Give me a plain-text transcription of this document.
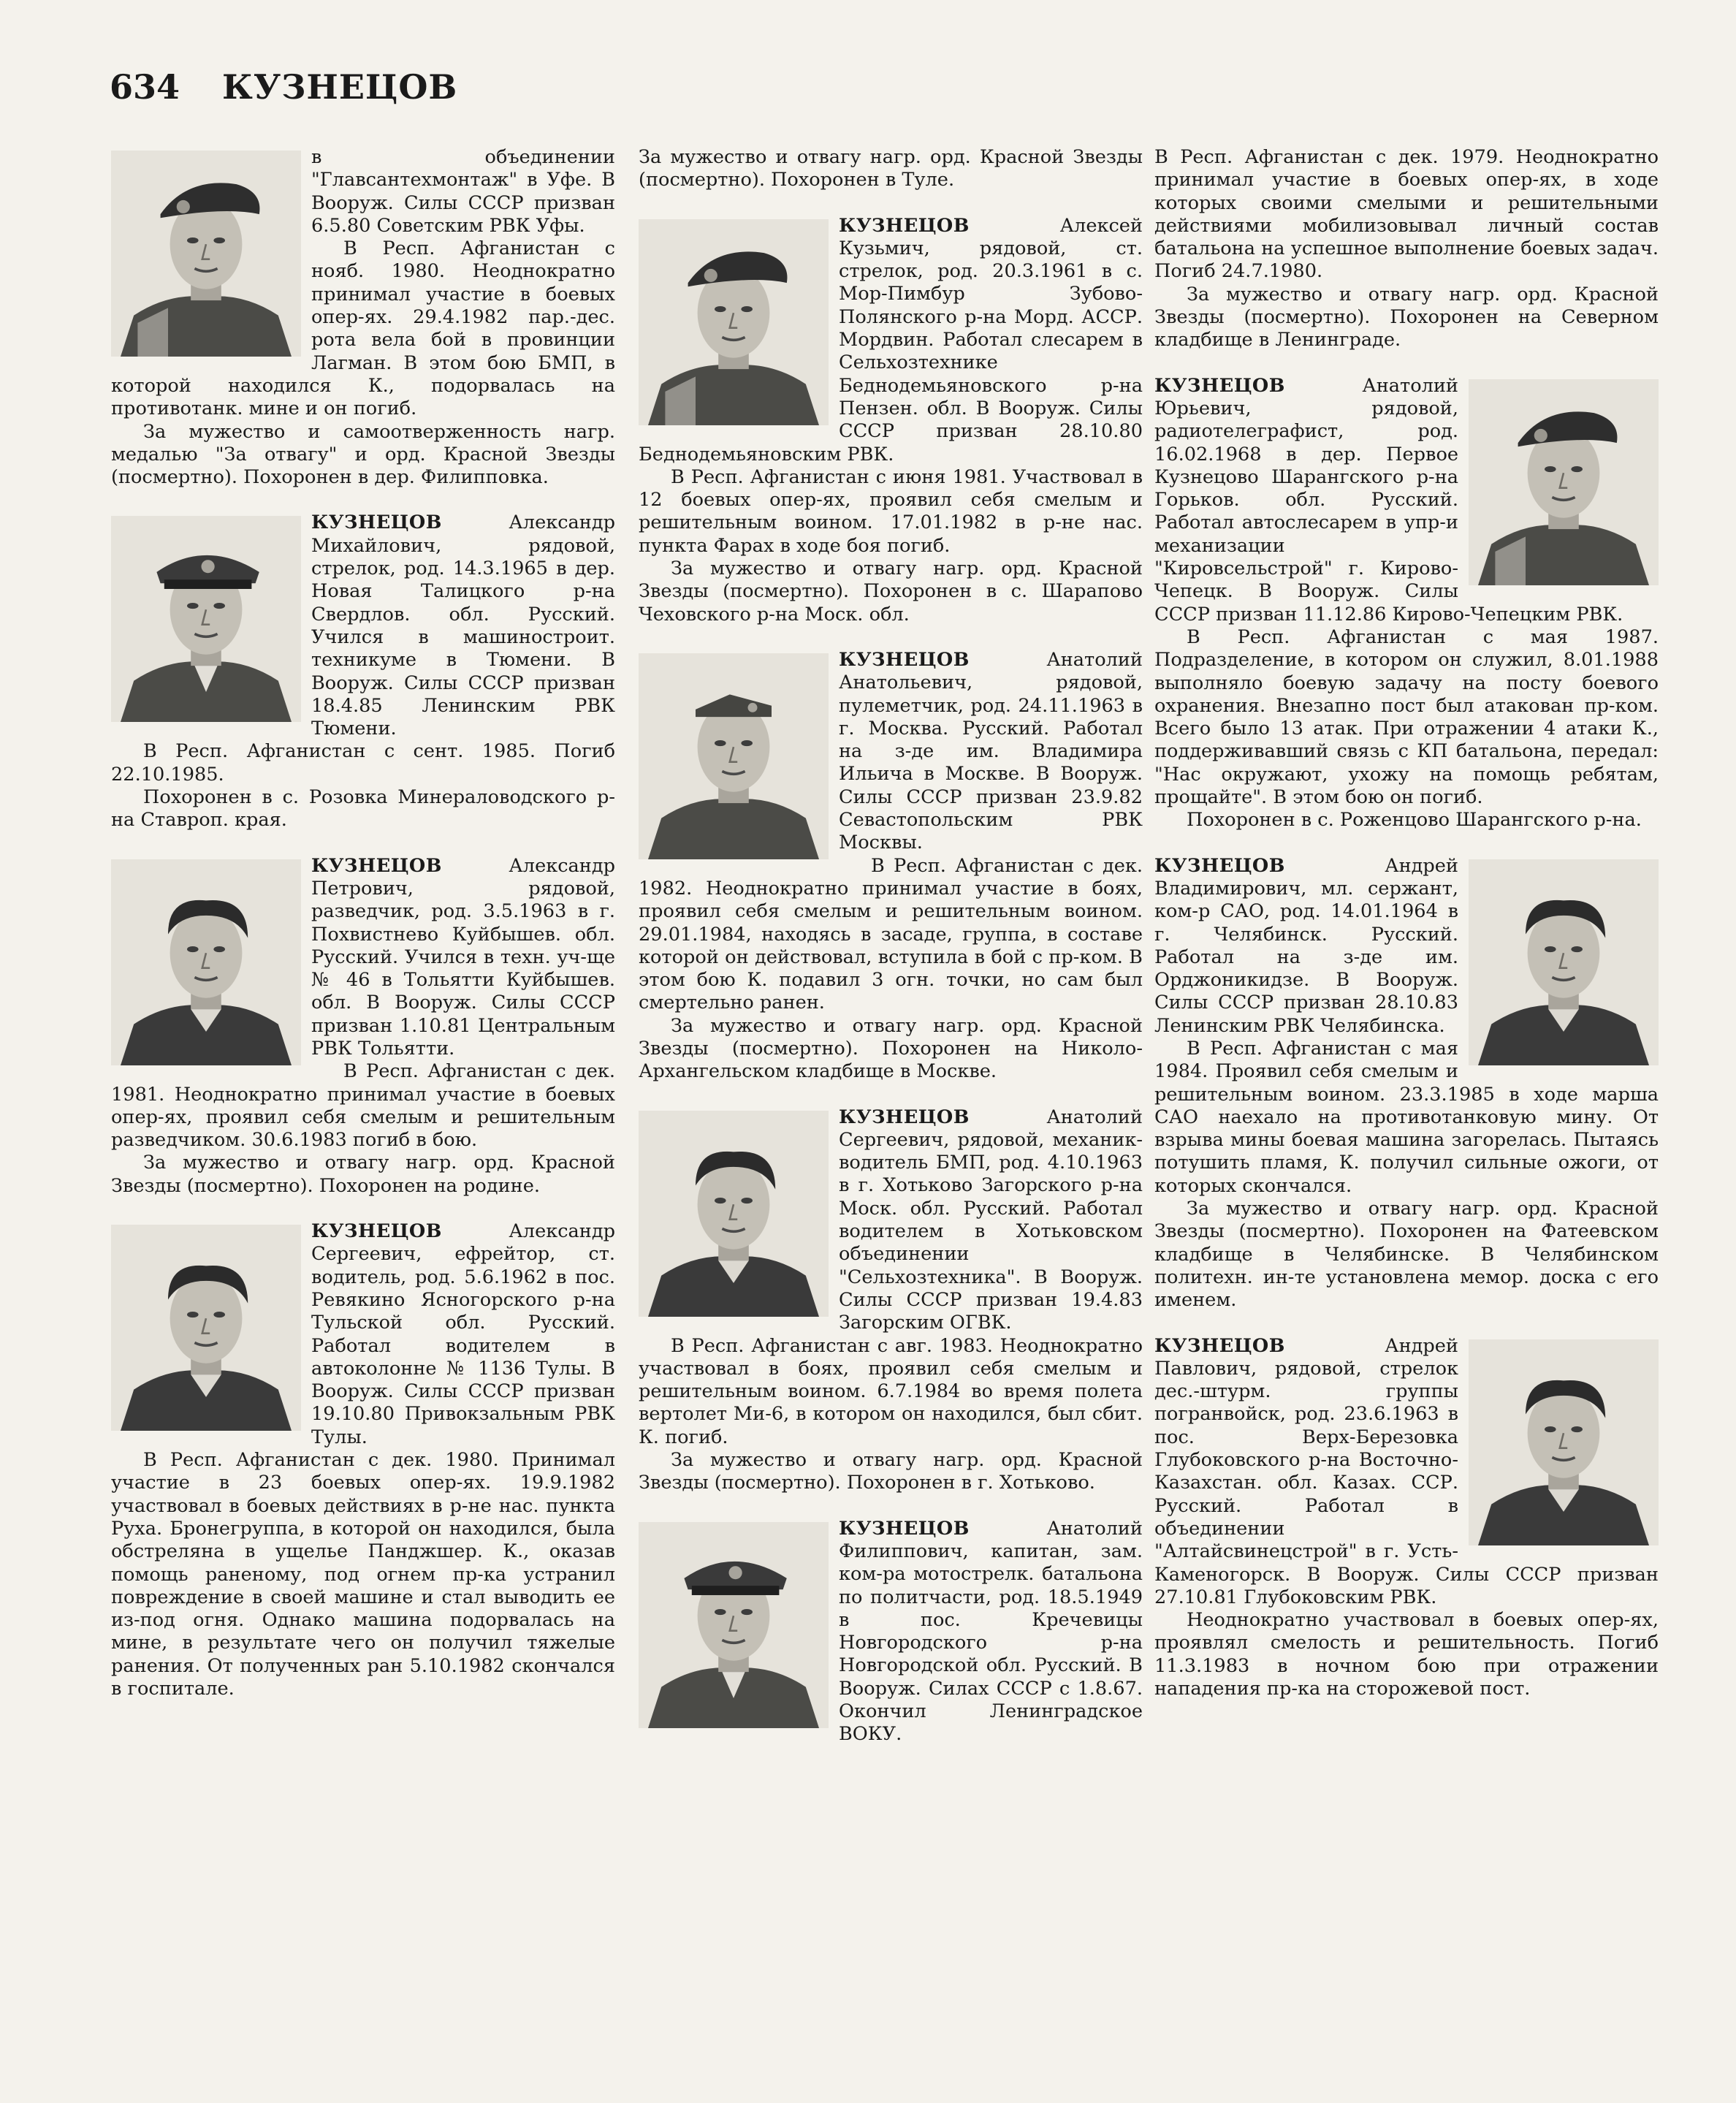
634 КУЗНЕЦОВ

в объединении "Главсантехмонтаж" в Уфе. В Вооруж. Силы СССР призван 6.5.80 Советским РВК Уфы.

В Респ. Афганистан с нояб. 1980. Неоднократно принимал участие в боевых опер-ях. 29.4.1982 пар.-дес. рота вела бой в провинции Лагман. В этом бою БМП, в которой находился К., подорвалась на противотанк. мине и он погиб.

За мужество и самоотверженность нагр. медалью "За отвагу" и орд. Красной Звезды (посмертно). Похоронен в дер. Филипповка.

КУЗНЕЦОВ	Александр Михайлович, рядовой, стрелок, род. 14.3.1965 в дер. Новая Талицкого р-на Свердлов. обл. Русский. Учился в машиностроит. техникуме в Тюмени. В Вооруж. Силы СССР призван 18.4.85 Ленинским РВК Тюмени.

В Респ. Афганистан с сент. 1985. Погиб 22.10.1985.

Похоронен в с. Розовка Минераловодского р-на Ставроп. края.

КУЗНЕЦОВ	Александр Петрович, рядовой, разведчик, род. 3.5.1963 в г. Похвистнево Куйбышев. обл. Русский. Учился в техн. уч-ще № 46 в Тольятти Куйбышев. обл. В Вооруж. Силы СССР призван 1.10.81 Центральным РВК Тольятти.

В Респ. Афганистан с дек. 1981. Неоднократно принимал участие в боевых опер-ях, проявил себя смелым и решительным разведчиком. 30.6.1983 погиб в бою.

За мужество и отвагу нагр. орд. Красной Звезды (посмертно). Похоронен на родине.

КУЗНЕЦОВ	Александр Сергеевич, ефрейтор, ст. водитель, род. 5.6.1962 в пос. Ревякино Ясногорского р-на Тульской обл. Русский. Работал водителем в автоколонне № 1136 Тулы. В Вооруж. Силы СССР призван 19.10.80 Привокзальным РВК Тулы.

В Респ. Афганистан с дек. 1980. Принимал участие в 23 боевых опер-ях. 19.9.1982 участвовал в боевых действиях в р-не нас. пункта Руха. Бронегруппа, в которой он находился, была обстреляна в ущелье Панджшер. К., оказав помощь раненому, под огнем пр-ка устранил повреждение в своей машине и стал выводить ее из-под огня. Однако машина подорвалась на мине, в результате чего он получил тяжелые ранения. От полученных ран 5.10.1982 скончался в госпитале.

За мужество и отвагу нагр. орд. Красной Звезды (посмертно). Похоронен в Туле.

КУЗНЕЦОВ	Алексей Кузьмич, рядовой, ст. стрелок, род. 20.3.1961 в с. Мор-Пимбур Зубово-Полянского р-на Морд. АССР. Мордвин. Работал слесарем в Сельхозтехнике Беднодемьяновского р-на Пензен. обл. В Вооруж. Силы СССР призван 28.10.80 Беднодемьяновским РВК.

В Респ. Афганистан с июня 1981. Участвовал в 12 боевых опер-ях, проявил себя смелым и решительным воином. 17.01.1982 в р-не нас. пункта Фарах в ходе боя погиб.

За мужество и отвагу нагр. орд. Красной Звезды (посмертно). Похоронен в с. Шарапово Чеховского р-на Моск. обл.

КУЗНЕЦОВ	Анатолий Анатольевич, рядовой, пулеметчик, род. 24.11.1963 в г. Москва. Русский. Работал на з-де им. Владимира Ильича в Москве. В Вооруж. Силы СССР призван 23.9.82 Севастопольским РВК Москвы.

В Респ. Афганистан с дек. 1982. Неоднократно принимал участие в боях, проявил себя смелым и решительным воином. 29.01.1984, находясь в засаде, группа, в составе которой он действовал, вступила в бой с пр-ком. В этом бою К. подавил 3 огн. точки, но сам был смертельно ранен.

За мужество и отвагу нагр. орд. Красной Звезды (посмертно). Похоронен на Николо-Архангельском кладбище в Москве.

КУЗНЕЦОВ	Анатолий Сергеевич, рядовой, механик-водитель БМП, род. 4.10.1963 в г. Хотьково Загорского р-на Моск. обл. Русский. Работал водителем в Хотьковском объединении "Сельхозтехника". В Вооруж. Силы СССР призван 19.4.83 Загорским ОГВК.

В Респ. Афганистан с авг. 1983. Неоднократно участвовал в боях, проявил себя смелым и решительным воином. 6.7.1984 во время полета вертолет Ми-6, в котором он находился, был сбит. К. погиб.

За мужество и отвагу нагр. орд. Красной Звезды (посмертно). Похоронен в г. Хотьково.

КУЗНЕЦОВ	Анатолий Филиппович, капитан, зам. ком-ра мотострелк. батальона по политчасти, род. 18.5.1949 в пос. Кречевицы Новгородского р-на Новгородской обл. Русский. В Вооруж. Силах СССР с 1.8.67. Окончил Ленинградское ВОКУ.

В Респ. Афганистан с дек. 1979. Неоднократно принимал участие в боевых опер-ях, в ходе которых своими смелыми и решительными действиями мобилизовывал личный состав батальона на успешное выполнение боевых задач. Погиб 24.7.1980.

За мужество и отвагу нагр. орд. Красной Звезды (посмертно). Похоронен на Северном кладбище в Ленинграде.

КУЗНЕЦОВ	Анатолий Юрьевич, рядовой, радиотелеграфист, род. 16.02.1968 в дер. Первое Кузнецово Шарангского р-на Горьков. обл. Русский. Работал автослесарем в упр-и механизации "Кировсельстрой" г. Кирово-Чепецк. В Вооруж. Силы СССР призван 11.12.86 Кирово-Чепецким РВК.

В Респ. Афганистан с мая 1987. Подразделение, в котором он служил, 8.01.1988 выполняло боевую задачу на посту боевого охранения. Внезапно пост был атакован пр-ком. Всего было 13 атак. При отражении 4 атаки К., поддерживавший связь с КП батальона, передал: "Нас окружают, ухожу на помощь ребятам, прощайте". В этом бою он погиб.

Похоронен в с. Роженцово Шарангского р-на.

КУЗНЕЦОВ	Андрей Владимирович, мл. сержант, ком-р САО, род. 14.01.1964 в г. Челябинск. Русский. Работал на з-де им. Орджоникидзе. В Вооруж. Силы СССР призван 28.10.83 Ленинским РВК Челябинска.

В Респ. Афганистан с мая 1984. Проявил себя смелым и решительным воином. 23.3.1985 в ходе марша САО наехало на противотанковую мину. От взрыва мины боевая машина загорелась. Пытаясь потушить пламя, К. получил сильные ожоги, от которых скончался.

За мужество и отвагу нагр. орд. Красной Звезды (посмертно). Похоронен на Фатеевском кладбище в Челябинске. В Челябинском политехн. ин-те установлена мемор. доска с его именем.

КУЗНЕЦОВ	Андрей Павлович, рядовой, стрелок дес.-штурм. группы погранвойск, род. 23.6.1963 в пос. Верх-Березовка Глубоковского р-на Восточно-Казахстан. обл. Казах. ССР. Русский. Работал в объединении "Алтайсвинецстрой" в г. Усть-Каменогорск. В Вооруж. Силы СССР призван 27.10.81 Глубоковским РВК.

Неоднократно участвовал в боевых опер-ях, проявлял смелость и решительность. Погиб 11.3.1983 в ночном бою при отражении нападения пр-ка на сторожевой пост.
